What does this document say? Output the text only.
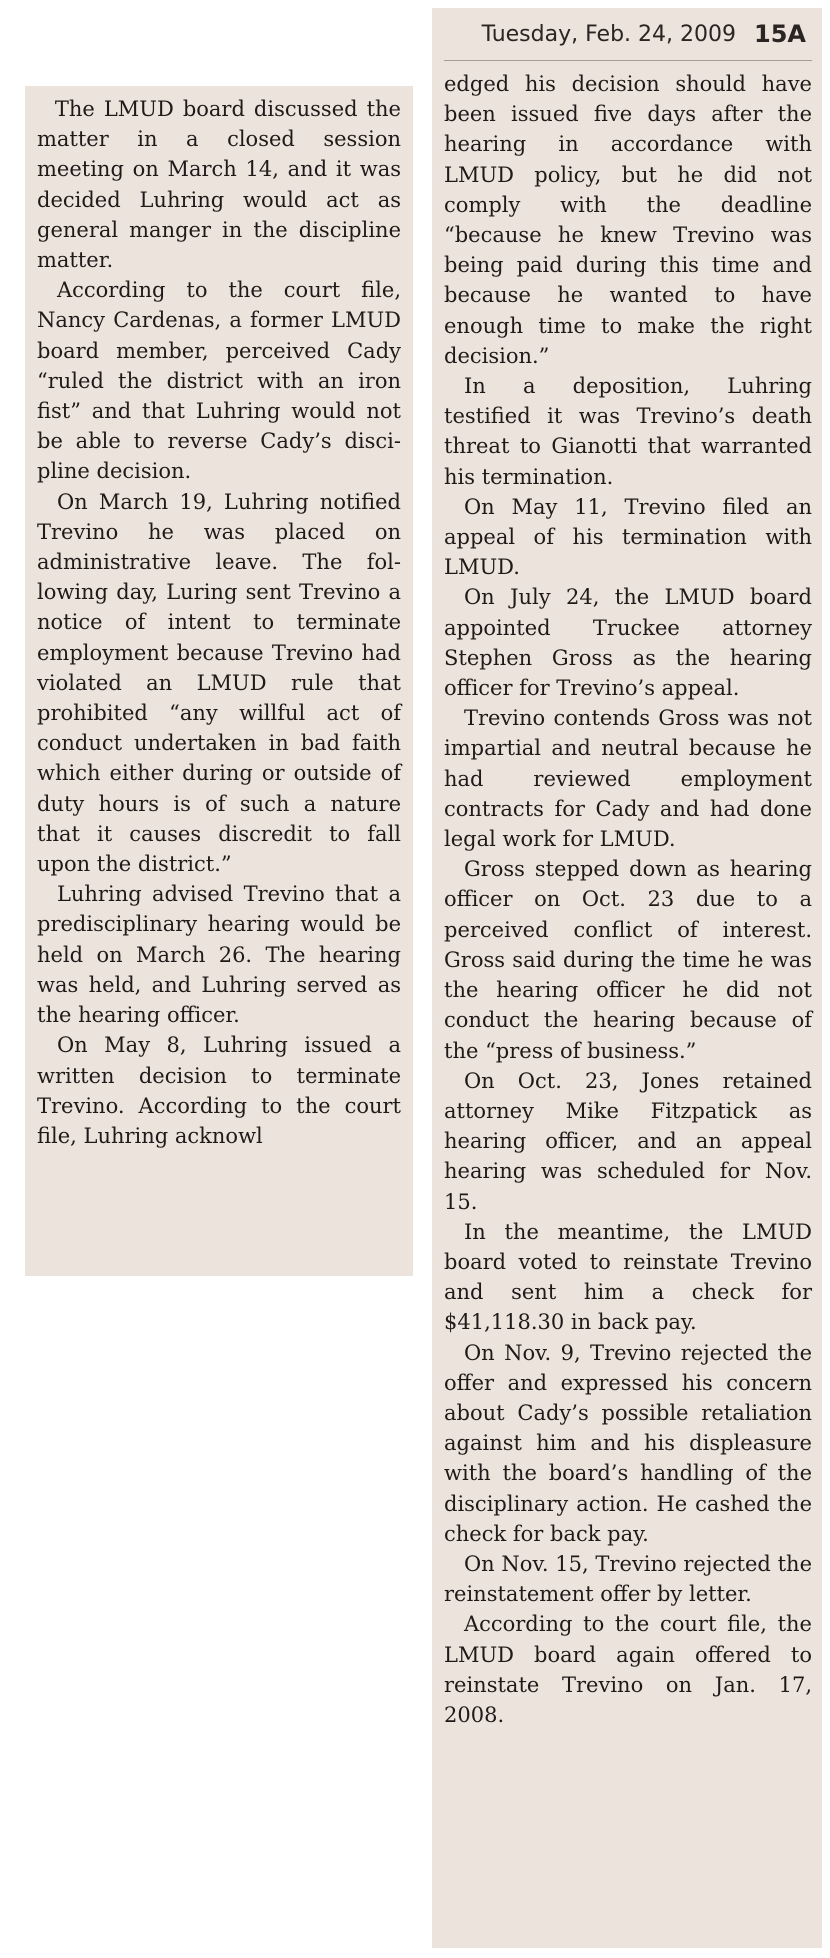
The LMUD board discussed the matter in a closed session meeting on March 14, and it was decided Luhring would act as general manger in the discipline matter.

According to the court file, Nancy Cardenas, a former LMUD board member, perceived Cady “ruled the district with an iron fist” and that Luhring would not be able to reverse Cady’s discipline decision.

On March 19, Luhring notified Trevino he was placed on administrative leave. The following day, Luring sent Trevino a notice of intent to terminate employment because Trevino had violated an LMUD rule that prohibited “any willful act of conduct undertaken in bad faith which either during or outside of duty hours is of such a nature that it causes discredit to fall upon the district.”

Luhring advised Trevino that a predisciplinary hearing would be held on March 26. The hearing was held, and Luhring served as the hearing officer.

On May 8, Luhring issued a written decision to terminate Trevino. According to the court file, Luhring acknowl

Tuesday, Feb. 24, 2009 15A

edged his decision should have been issued five days after the hearing in accordance with LMUD policy, but he did not comply with the deadline “because he knew Trevino was being paid during this time and because he wanted to have enough time to make the right decision.”

In a deposition, Luhring testified it was Trevino’s death threat to Gianotti that warranted his termination.

On May 11, Trevino filed an appeal of his termination with LMUD.

On July 24, the LMUD board appointed Truckee attorney Stephen Gross as the hearing officer for Trevino’s appeal.

Trevino contends Gross was not impartial and neutral because he had reviewed employment contracts for Cady and had done legal work for LMUD.

Gross stepped down as hearing officer on Oct. 23 due to a perceived conflict of interest. Gross said during the time he was the hearing officer he did not conduct the hearing because of the “press of business.”

On Oct. 23, Jones retained attorney Mike Fitzpatick as hearing officer, and an appeal hearing was scheduled for Nov. 15.

In the meantime, the LMUD board voted to reinstate Trevino and sent him a check for $41,118.30 in back pay.

On Nov. 9, Trevino rejected the offer and expressed his concern about Cady’s possible retaliation against him and his displeasure with the board’s handling of the disciplinary action. He cashed the check for back pay.

On Nov. 15, Trevino rejected the reinstatement offer by letter.

According to the court file, the LMUD board again offered to reinstate Trevino on Jan. 17, 2008.
